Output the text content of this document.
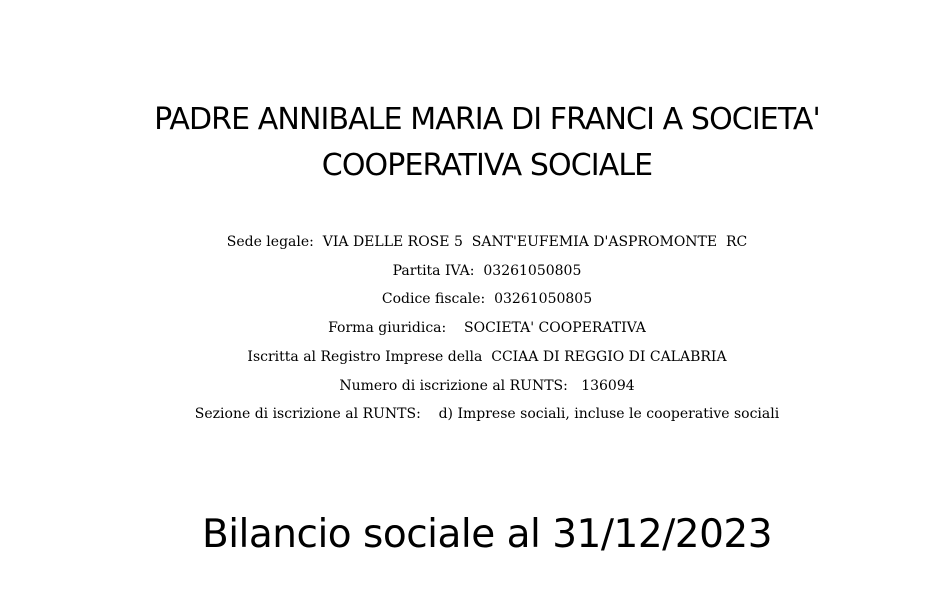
PADRE ANNIBALE MARIA DI FRANCI A SOCIETA'
COOPERATIVA SOCIALE
Sede legale:  VIA DELLE ROSE 5  SANT'EUFEMIA D'ASPROMONTE  RC
Partita IVA:  03261050805
Codice fiscale:  03261050805
Forma giuridica:    SOCIETA' COOPERATIVA
Iscritta al Registro Imprese della  CCIAA DI REGGIO DI CALABRIA
Numero di iscrizione al RUNTS:   136094
Sezione di iscrizione al RUNTS:    d) Imprese sociali, incluse le cooperative sociali
Bilancio sociale al 31/12/2023
